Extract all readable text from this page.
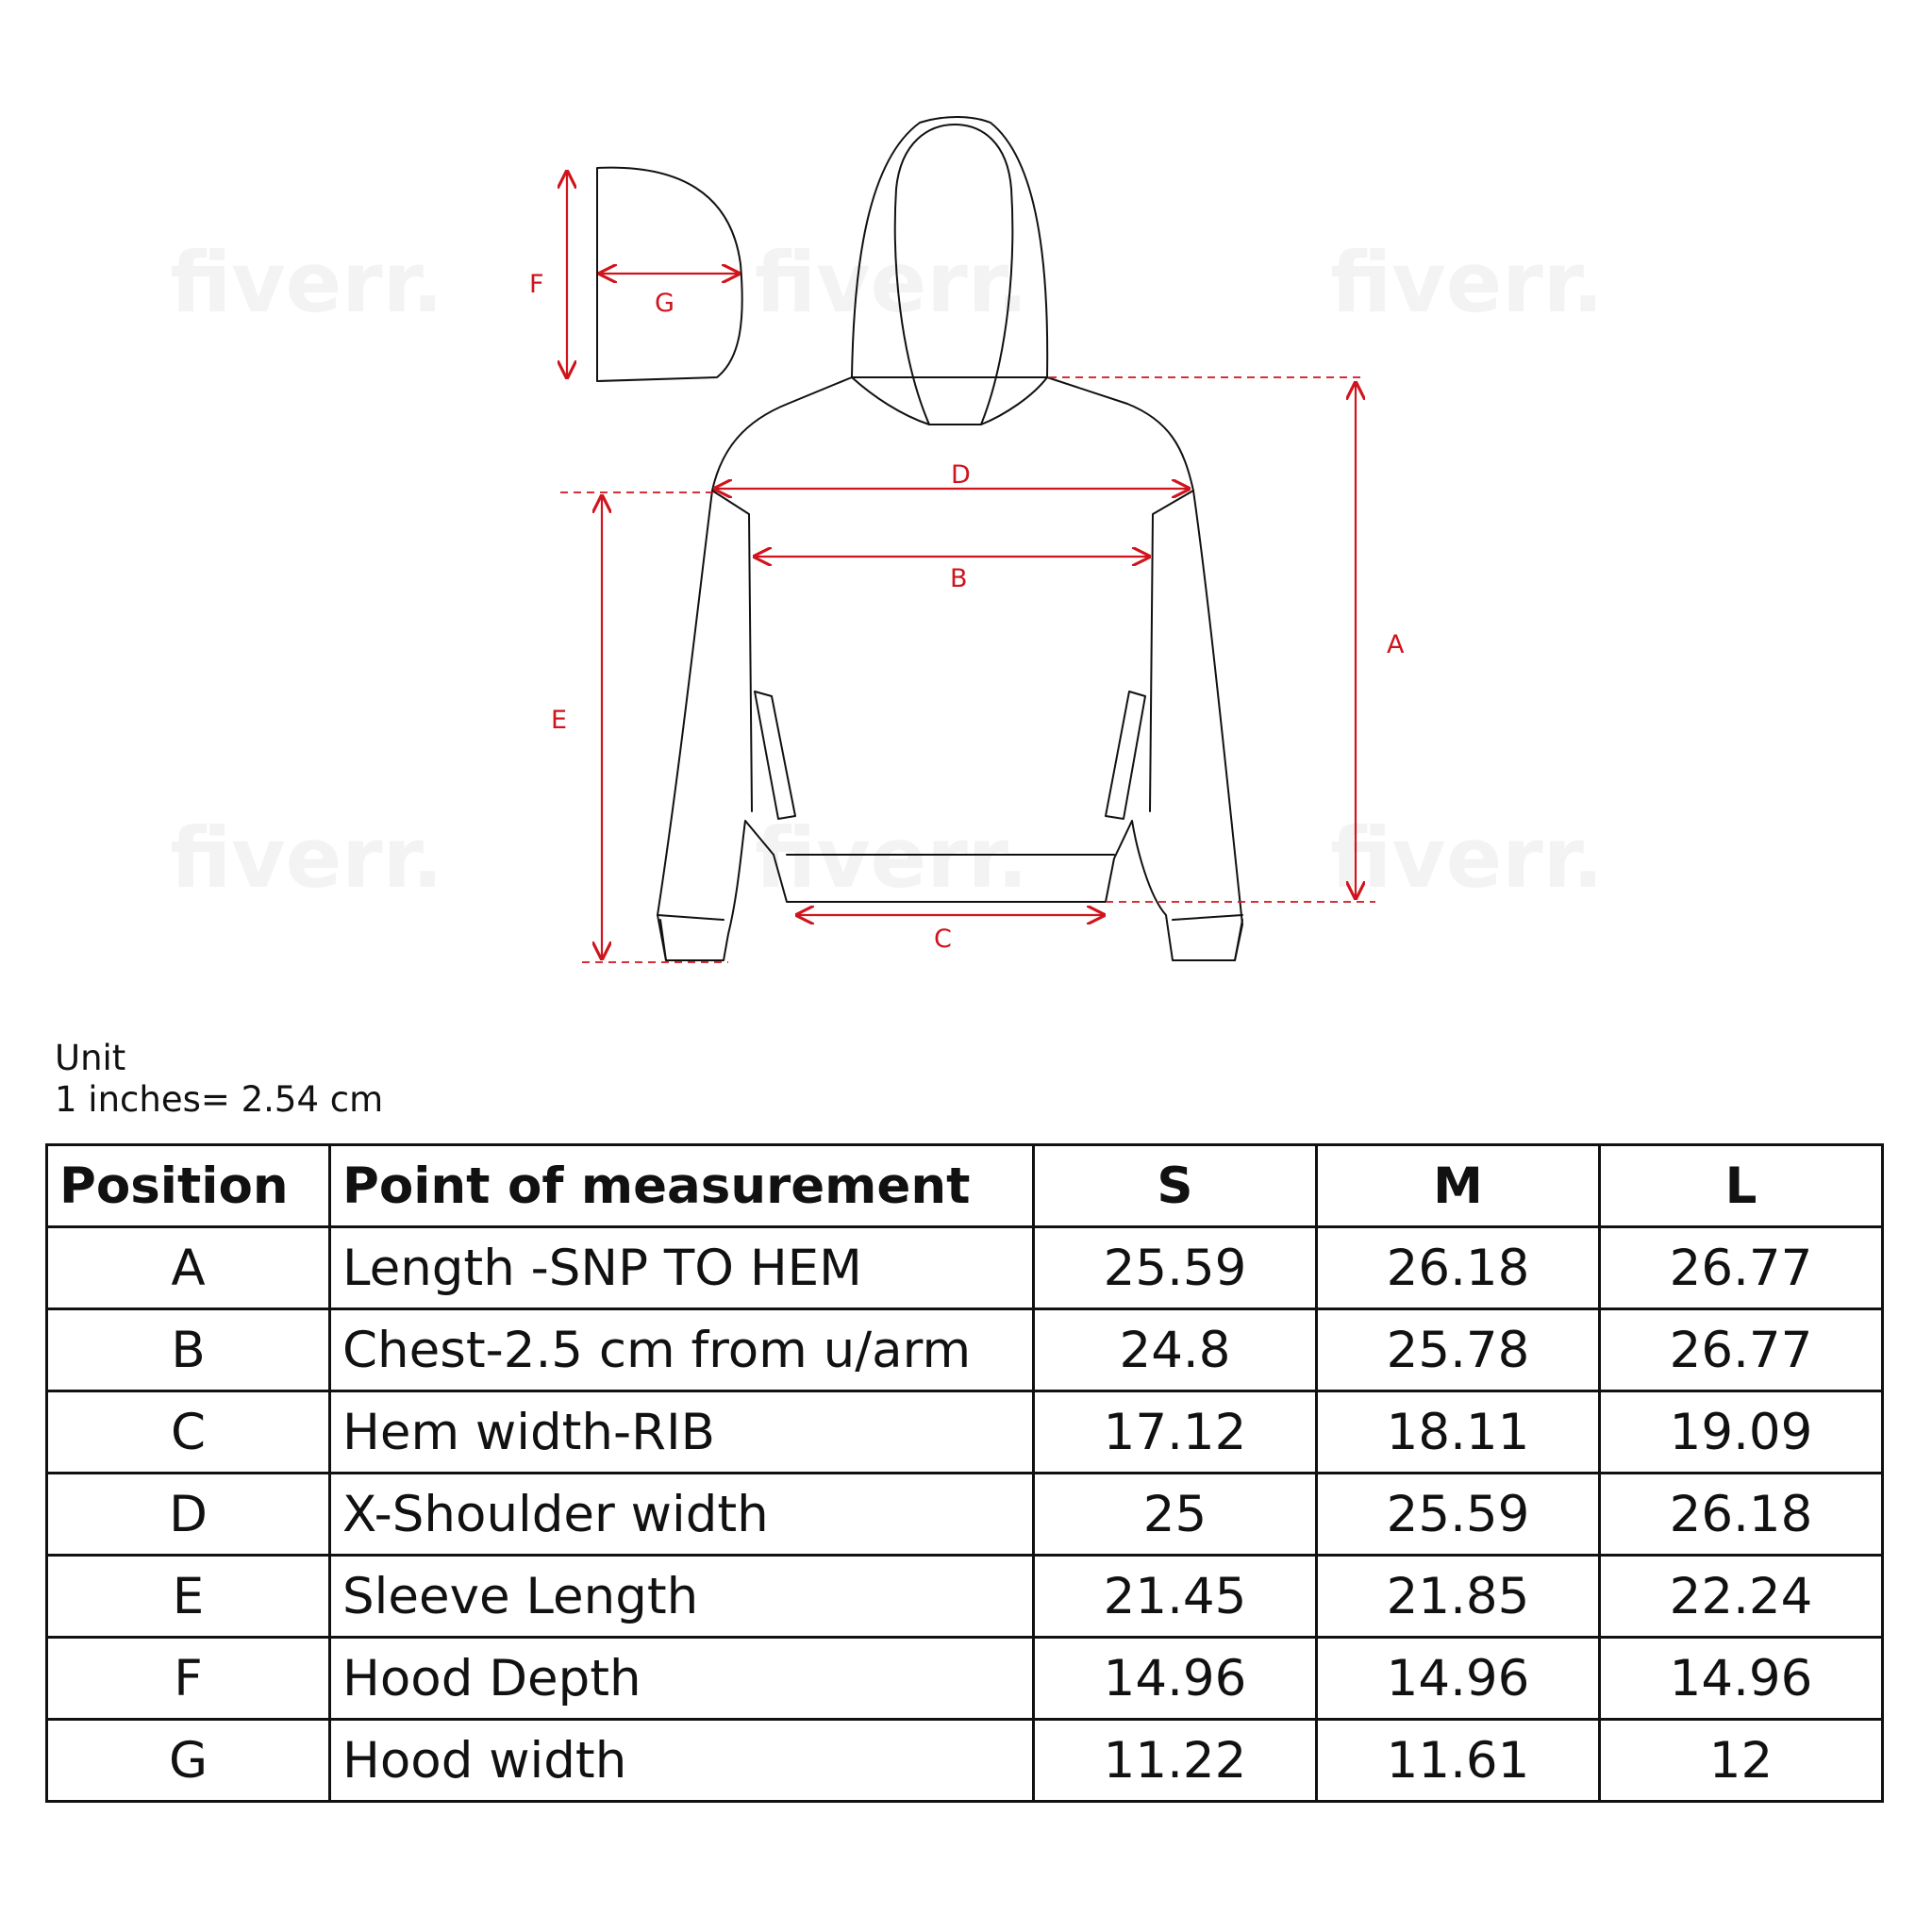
fiverr.	fiverr.	fiverr.
fiverr.	fiverr.	fiverr.
A
B
C
D
E
F
G
Unit
1 inches= 2.54 cm
Position	Point of measurement	S	M	L
A	Length -SNP TO HEM	25.59	26.18	26.77
B	Chest-2.5 cm from u/arm	24.8	25.78	26.77
C	Hem width-RIB	17.12	18.11	19.09
D	X-Shoulder width	25	25.59	26.18
E	Sleeve Length	21.45	21.85	22.24
F	Hood Depth	14.96	14.96	14.96
G	Hood width	11.22	11.61	12
